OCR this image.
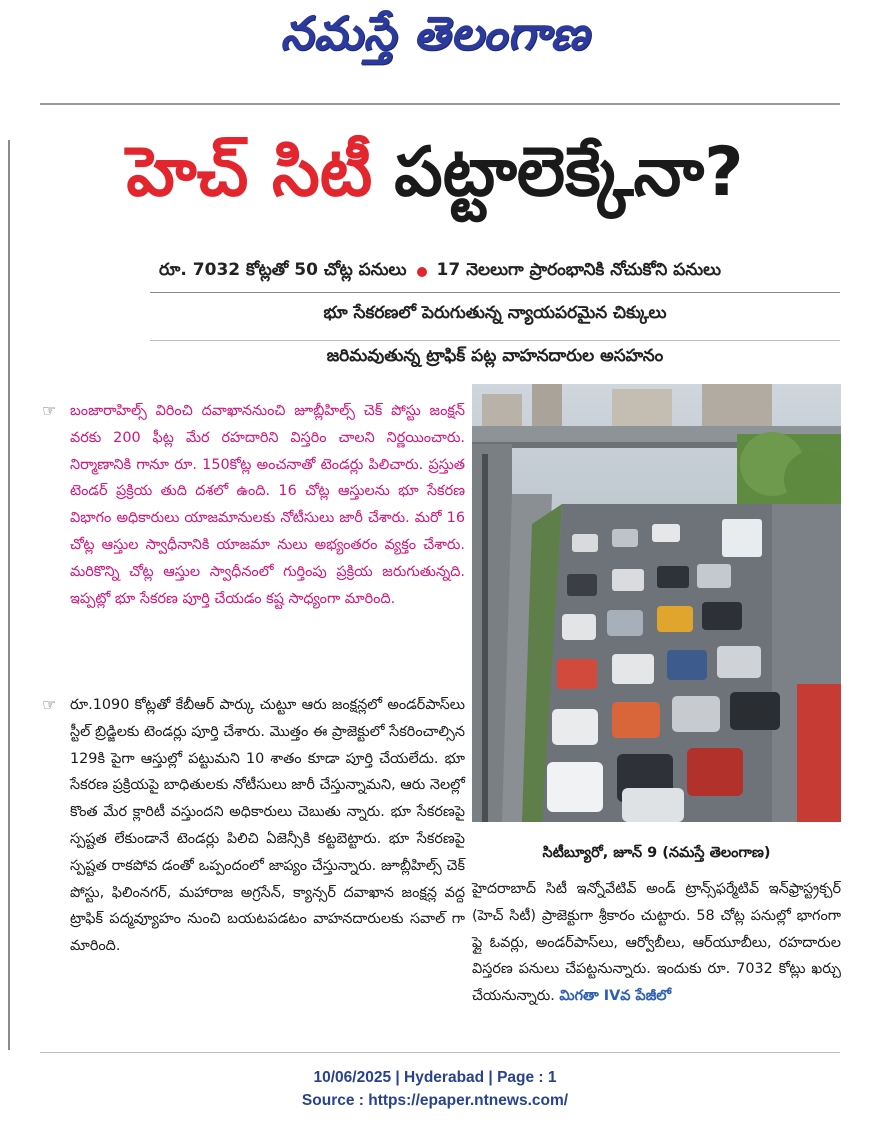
నమస్తే తెలంగాణ
హెచ్ సిటీ పట్టాలెక్కేనా?
రూ. 7032 కోట్లతో 50 చోట్ల పనులు 17 నెలలుగా ప్రారంభానికి నోచుకోని పనులు
భూ సేకరణలో పెరుగుతున్న న్యాయపరమైన చిక్కులు
జరిమవుతున్న ట్రాఫిక్ పట్ల వాహనదారుల అసహనం
☞ బంజారాహిల్స్ విరించి దవాఖాననుంచి జూబ్లీహిల్స్ చెక్ పోస్టు జంక్షన్ వరకు 200 ఫీట్ల మేర రహదారిని విస్తరిం చాలని నిర్ణయించారు. నిర్మాణానికి గానూ రూ. 150కోట్ల అంచనాతో టెండర్లు పిలిచారు. ప్రస్తుత టెండర్ ప్రక్రియ తుది దశలో ఉంది. 16 చోట్ల ఆస్తులను భూ సేకరణ విభాగం అధికారులు యాజమానులకు నోటీసులు జారీ చేశారు. మరో 16 చోట్ల ఆస్తుల స్వాధీనానికి యాజమా నులు అభ్యంతరం వ్యక్తం చేశారు. మరికొన్ని చోట్ల ఆస్తుల స్వాధీనంలో గుర్తింపు ప్రక్రియ జరుగుతున్నది. ఇప్పట్లో భూ సేకరణ పూర్తి చేయడం కష్ట సాధ్యంగా మారింది.
☞ రూ.1090 కోట్లతో కేబీఆర్ పార్కు చుట్టూ ఆరు జంక్షన్లలో అండర్‌పాస్‌లు స్టీల్ బ్రిడ్జిలకు టెండర్లు పూర్తి చేశారు. మొత్తం ఈ ప్రాజెక్టులో సేకరించాల్సిన 129కి పైగా ఆస్తుల్లో పట్టుమని 10 శాతం కూడా పూర్తి చేయలేదు. భూ సేకరణ ప్రక్రియపై బాధితులకు నోటీసులు జారీ చేస్తున్నామని, ఆరు నెలల్లో కొంత మేర క్లారిటీ వస్తుందని అధికారులు చెబుతు న్నారు. భూ సేకరణపై స్పష్టత లేకుండానే టెండర్లు పిలిచి ఏజెన్సీకి కట్టబెట్టారు. భూ సేకరణపై స్పష్టత రాకపోవ డంతో ఒప్పందంలో జాప్యం చేస్తున్నారు. జూబ్లీహిల్స్ చెక్ పోస్టు, ఫిలింనగర్, మహారాజ అగ్రసేన్, క్యాన్సర్ దవాఖాన జంక్షన్ల వద్ద ట్రాఫిక్ పద్మవ్యూహం నుంచి బయటపడటం వాహనదారులకు సవాల్ గా మారింది.
సిటీబ్యూరో, జూన్ 9 (నమస్తే తెలంగాణ)
హైదరాబాద్ సిటీ ఇన్నోవేటివ్ అండ్ ట్రాన్స్‌ఫర్మేటివ్ ఇన్‌ఫ్రాస్ట్రక్చర్ (హెచ్ సిటీ) ప్రాజెక్టుగా శ్రీకారం చుట్టారు. 58 చోట్ల పనుల్లో భాగంగా ఫ్లై ఓవర్లు, అండర్‌పాస్‌లు, ఆర్వోబీలు, ఆర్‌యూబీలు, రహదారుల విస్తరణ పనులు చేపట్టనున్నారు. ఇందుకు రూ. 7032 కోట్లు ఖర్చు చేయనున్నారు. మిగతా IVవ పేజీలో
10/06/2025 | Hyderabad | Page : 1
Source : https://epaper.ntnews.com/
